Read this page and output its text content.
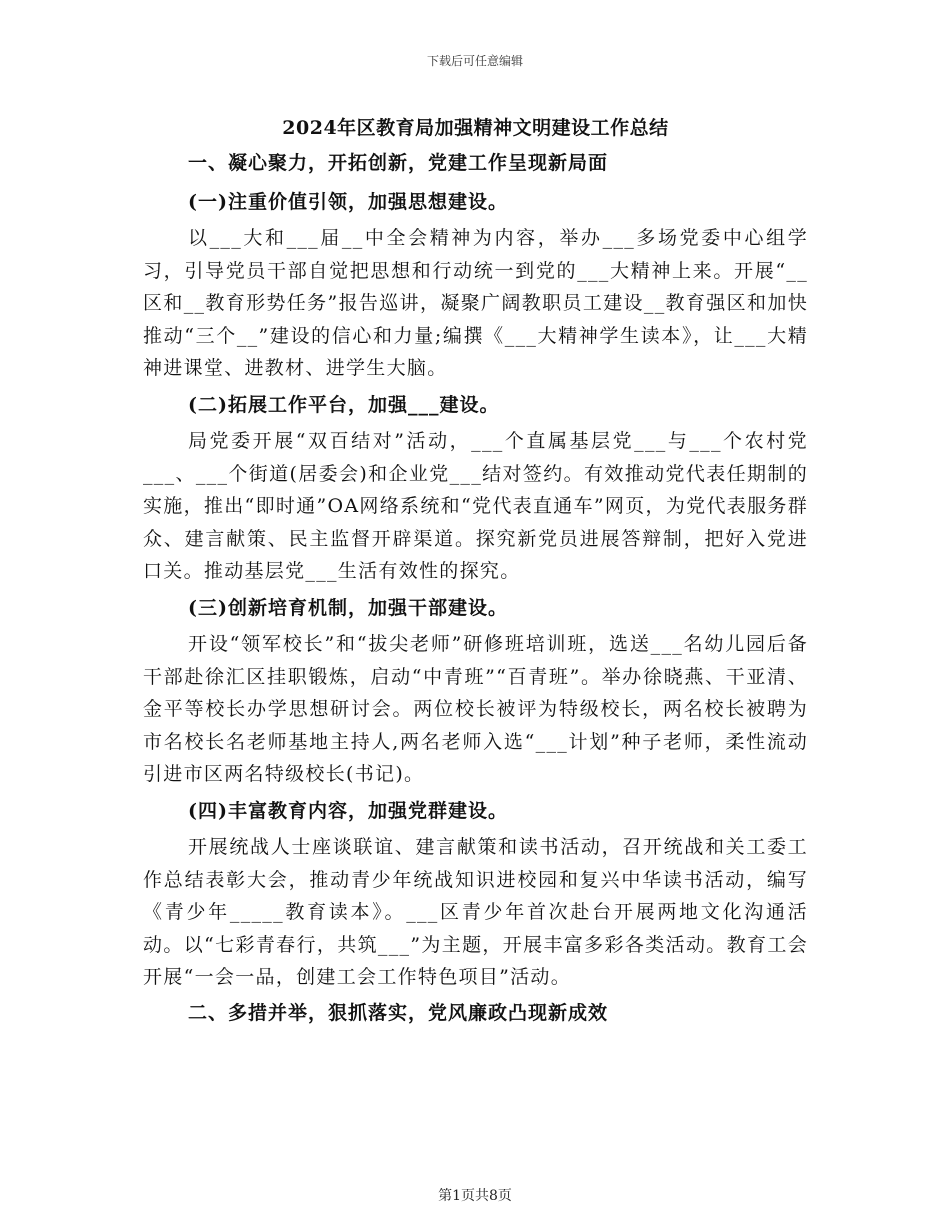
下载后可任意编辑
2024年区教育局加强精神文明建设工作总结
一、凝心聚力，开拓创新，党建工作呈现新局面
(一)注重价值引领，加强思想建设。

以___大和___届__中全会精神为内容，举办___多场党委中心组学习，引导党员干部自觉把思想和行动统一到党的___大精神上来。开展“__区和__教育形势任务”报告巡讲，凝聚广阔教职员工建设__教育强区和加快推动“三个__”建设的信心和力量;编撰《___大精神学生读本》，让___大精神进课堂、进教材、进学生大脑。

(二)拓展工作平台，加强___建设。

局党委开展“双百结对”活动，___个直属基层党___与___个农村党___、___个街道(居委会)和企业党___结对签约。有效推动党代表任期制的实施，推出“即时通”OA网络系统和“党代表直通车”网页，为党代表服务群众、建言献策、民主监督开辟渠道。探究新党员进展答辩制，把好入党进口关。推动基层党___生活有效性的探究。

(三)创新培育机制，加强干部建设。

开设“领军校长”和“拔尖老师”研修班培训班，选送___名幼儿园后备干部赴徐汇区挂职锻炼，启动“中青班”“百青班”。举办徐晓燕、干亚清、金平等校长办学思想研讨会。两位校长被评为特级校长，两名校长被聘为市名校长名老师基地主持人,两名老师入选“___计划”种子老师，柔性流动引进市区两名特级校长(书记)。

(四)丰富教育内容，加强党群建设。

开展统战人士座谈联谊、建言献策和读书活动，召开统战和关工委工作总结表彰大会，推动青少年统战知识进校园和复兴中华读书活动，编写《青少年_____教育读本》。___区青少年首次赴台开展两地文化沟通活动。以“七彩青春行，共筑___”为主题，开展丰富多彩各类活动。教育工会开展“一会一品，创建工会工作特色项目”活动。

二、多措并举，狠抓落实，党风廉政凸现新成效
第1页共8页
